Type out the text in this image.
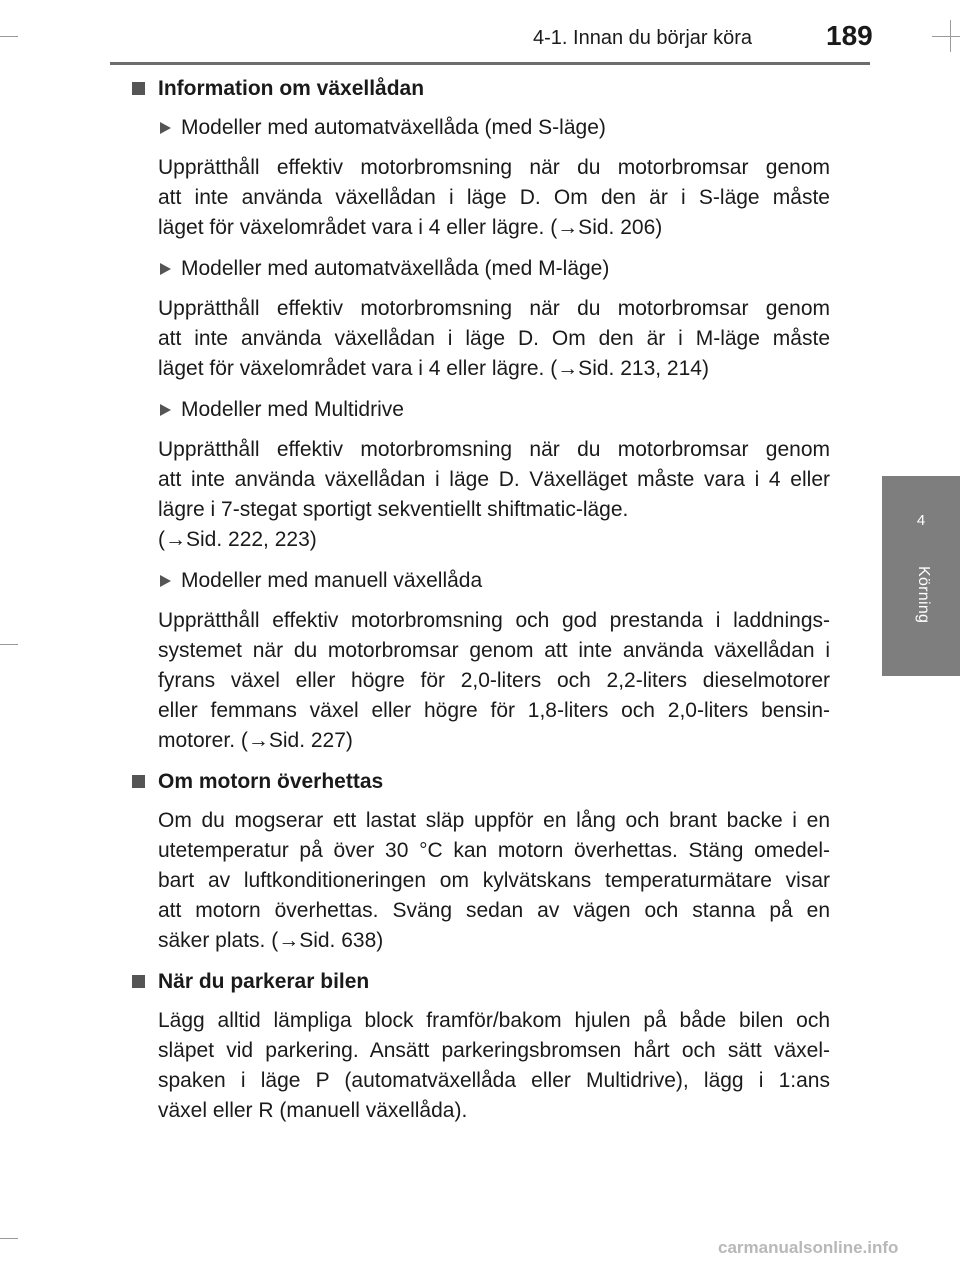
4-1. Innan du börjar köra	189
4
Körning
Information om växellådan
Modeller med automatväxellåda (med S-läge)
Upprätthåll effektiv motorbromsning när du motorbromsar genom
att inte använda växellådan i läge D. Om den är i S-läge måste
läget för växelområdet vara i 4 eller lägre. (→Sid. 206)
Modeller med automatväxellåda (med M-läge)
Upprätthåll effektiv motorbromsning när du motorbromsar genom
att inte använda växellådan i läge D. Om den är i M-läge måste
läget för växelområdet vara i 4 eller lägre. (→Sid. 213, 214)
Modeller med Multidrive
Upprätthåll effektiv motorbromsning när du motorbromsar genom
att inte använda växellådan i läge D. Växelläget måste vara i 4 eller
lägre i 7-stegat sportigt sekventiellt shiftmatic-läge.
(→Sid. 222, 223)
Modeller med manuell växellåda
Upprätthåll effektiv motorbromsning och god prestanda i laddnings-
systemet när du motorbromsar genom att inte använda växellådan i
fyrans växel eller högre för 2,0-liters och 2,2-liters dieselmotorer
eller femmans växel eller högre för 1,8-liters och 2,0-liters bensin-
motorer. (→Sid. 227)
Om motorn överhettas
Om du mogserar ett lastat släp uppför en lång och brant backe i en
utetemperatur på över 30 °C kan motorn överhettas. Stäng omedel-
bart av luftkonditioneringen om kylvätskans temperaturmätare visar
att motorn överhettas. Sväng sedan av vägen och stanna på en
säker plats. (→Sid. 638)
När du parkerar bilen
Lägg alltid lämpliga block framför/bakom hjulen på både bilen och
släpet vid parkering. Ansätt parkeringsbromsen hårt och sätt växel-
spaken i läge P (automatväxellåda eller Multidrive), lägg i 1:ans
växel eller R (manuell växellåda).
carmanualsonline.info
